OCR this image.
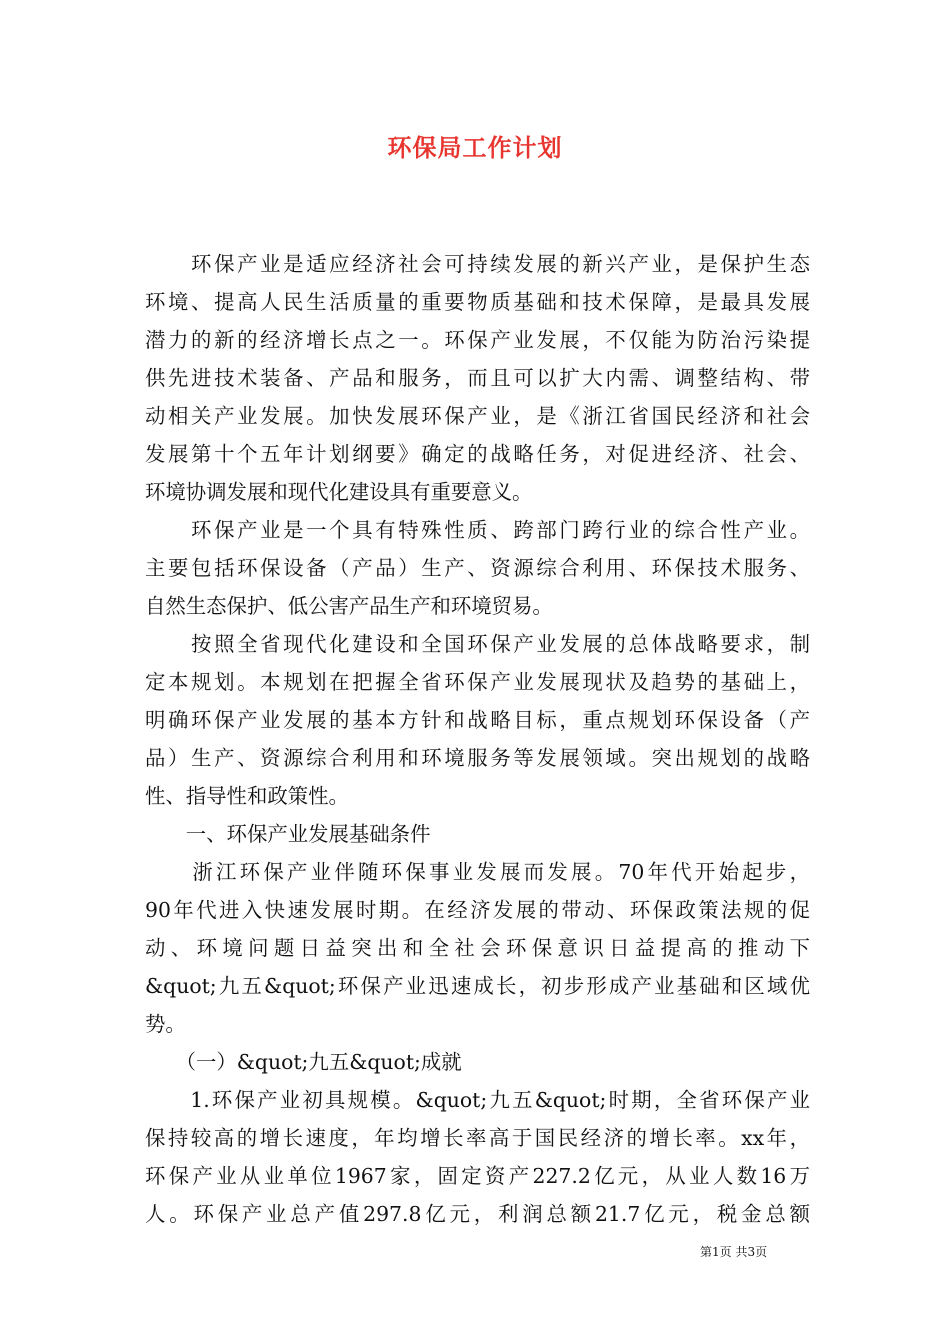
环保局工作计划
　　环保产业是适应经济社会可持续发展的新兴产业，是保护生态
环境、提高人民生活质量的重要物质基础和技术保障，是最具发展
潜力的新的经济增长点之一。环保产业发展，不仅能为防治污染提
供先进技术装备、产品和服务，而且可以扩大内需、调整结构、带
动相关产业发展。加快发展环保产业，是《浙江省国民经济和社会
发展第十个五年计划纲要》确定的战略任务，对促进经济、社会、
环境协调发展和现代化建设具有重要意义。
　　环保产业是一个具有特殊性质、跨部门跨行业的综合性产业。
主要包括环保设备（产品）生产、资源综合利用、环保技术服务、
自然生态保护、低公害产品生产和环境贸易。
　　按照全省现代化建设和全国环保产业发展的总体战略要求，制
定本规划。本规划在把握全省环保产业发展现状及趋势的基础上，
明确环保产业发展的基本方针和战略目标，重点规划环保设备（产
品）生产、资源综合利用和环境服务等发展领域。突出规划的战略
性、指导性和政策性。
　　一、环保产业发展基础条件
　　浙江环保产业伴随环保事业发展而发展。70年代开始起步，
90年代进入快速发展时期。在经济发展的带动、环保政策法规的促
动、环境问题日益突出和全社会环保意识日益提高的推动下
&quot;九五&quot;环保产业迅速成长，初步形成产业基础和区域优
势。
　　（一）&quot;九五&quot;成就
　　1.环保产业初具规模。&quot;九五&quot;时期，全省环保产业
保持较高的增长速度，年均增长率高于国民经济的增长率。xx年，
环保产业从业单位1967家，固定资产227.2亿元，从业人数16万
人。环保产业总产值297.8亿元，利润总额21.7亿元，税金总额
第1页 共3页
